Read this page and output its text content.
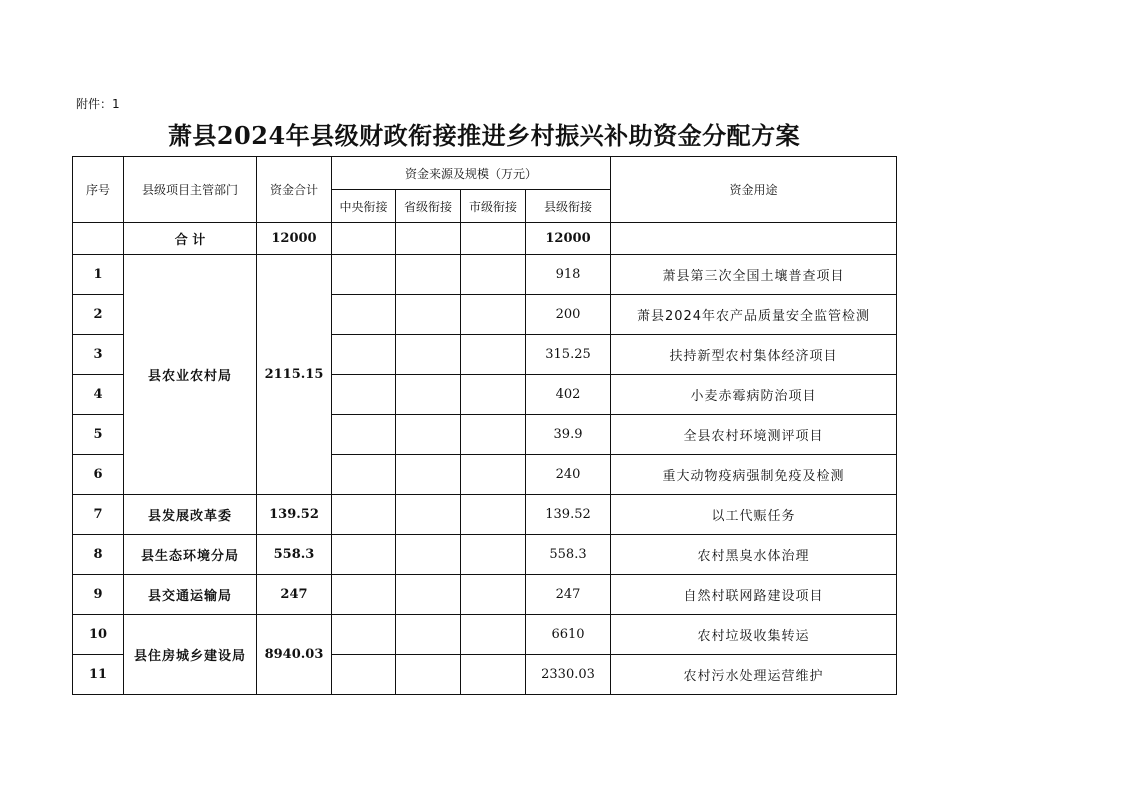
附件：1
萧县2024年县级财政衔接推进乡村振兴补助资金分配方案
序号	县级项目主管部门	资金合计	资金来源及规模（万元）				资金用途
			中央衔接	省级衔接	市级衔接	县级衔接	
	合 计	12000				12000	
1	县农业农村局	2115.15				918	萧县第三次全国土壤普查项目
2						200	萧县2024年农产品质量安全监管检测
3						315.25	扶持新型农村集体经济项目
4						402	小麦赤霉病防治项目
5						39.9	全县农村环境测评项目
6						240	重大动物疫病强制免疫及检测
7	县发展改革委	139.52				139.52	以工代赈任务
8	县生态环境分局	558.3				558.3	农村黑臭水体治理
9	县交通运输局	247				247	自然村联网路建设项目
10	县住房城乡建设局	8940.03				6610	农村垃圾收集转运
11						2330.03	农村污水处理运营维护
